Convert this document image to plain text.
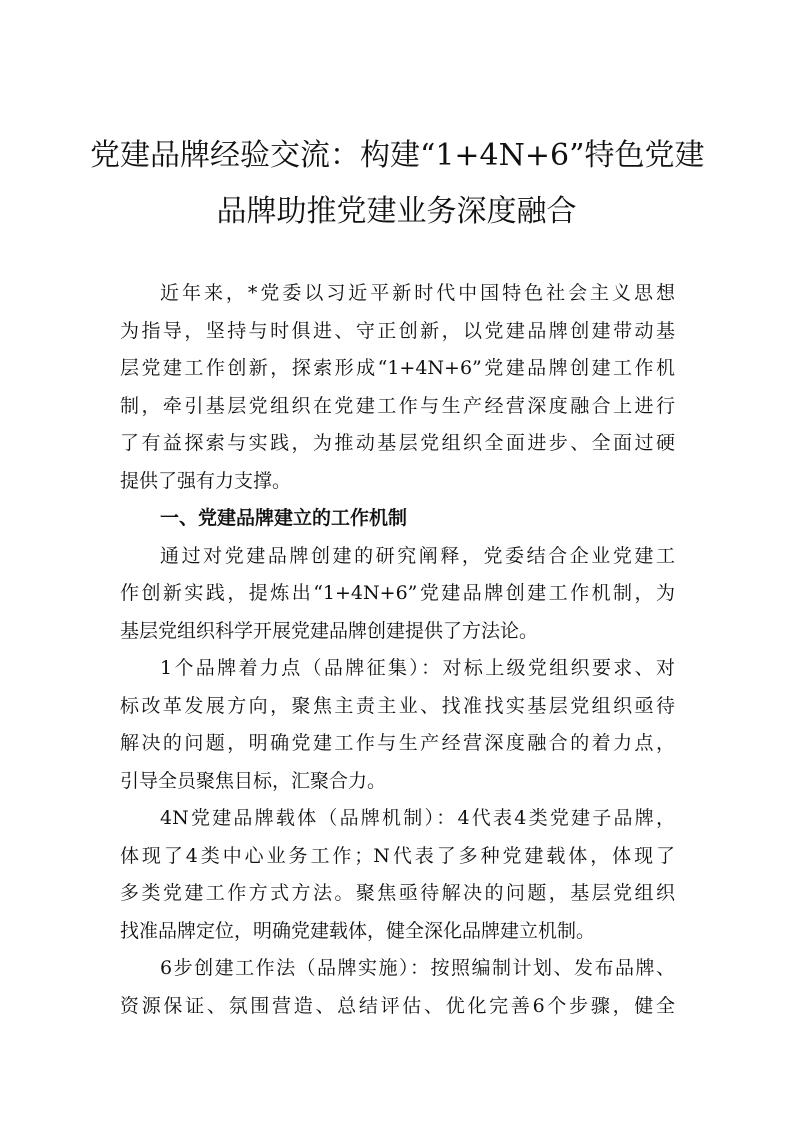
党建品牌经验交流：构建“1+4N+6”特色党建
品牌助推党建业务深度融合
近年来，*党委以习近平新时代中国特色社会主义思想
为指导，坚持与时俱进、守正创新，以党建品牌创建带动基
层党建工作创新，探索形成“1+4N+6”党建品牌创建工作机
制，牵引基层党组织在党建工作与生产经营深度融合上进行
了有益探索与实践，为推动基层党组织全面进步、全面过硬
提供了强有力支撑。
一、党建品牌建立的工作机制
通过对党建品牌创建的研究阐释，党委结合企业党建工
作创新实践，提炼出“1+4N+6”党建品牌创建工作机制，为
基层党组织科学开展党建品牌创建提供了方法论。
1个品牌着力点（品牌征集）：对标上级党组织要求、对
标改革发展方向，聚焦主责主业、找准找实基层党组织亟待
解决的问题，明确党建工作与生产经营深度融合的着力点，
引导全员聚焦目标，汇聚合力。
4N党建品牌载体（品牌机制）：4代表4类党建子品牌，
体现了4类中心业务工作；N代表了多种党建载体，体现了
多类党建工作方式方法。聚焦亟待解决的问题，基层党组织
找准品牌定位，明确党建载体，健全深化品牌建立机制。
6步创建工作法（品牌实施）：按照编制计划、发布品牌、
资源保证、氛围营造、总结评估、优化完善6个步骤，健全
